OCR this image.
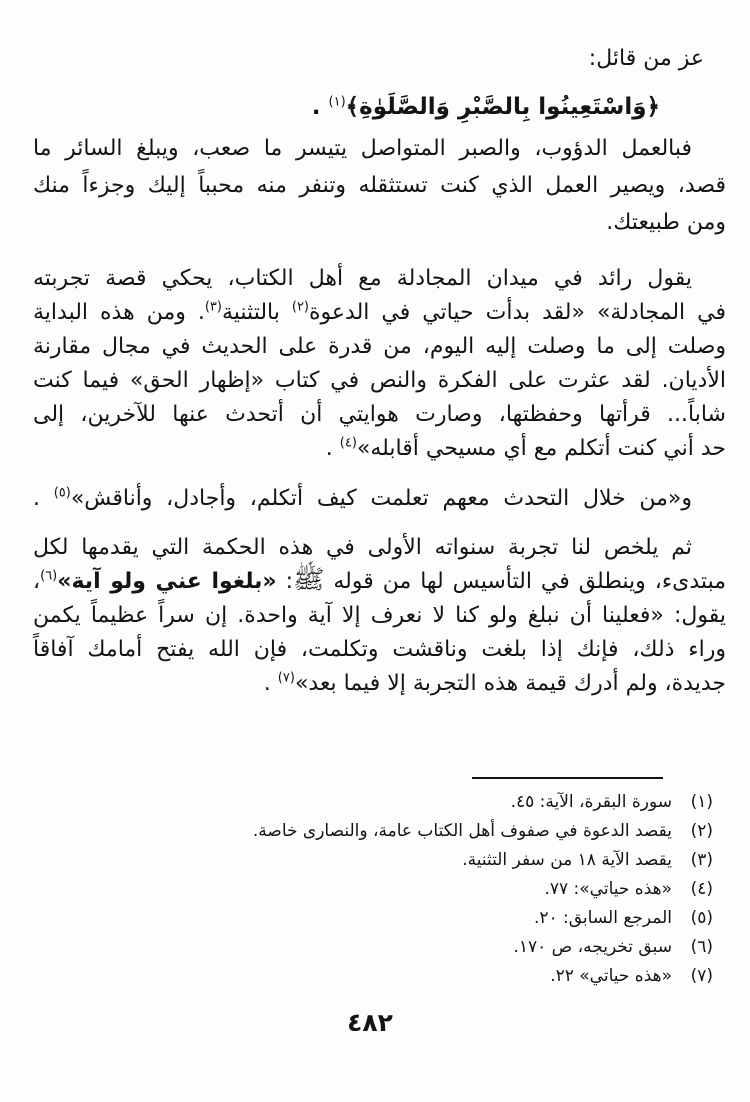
عز من قائل:
﴿وَاسْتَعِينُوا بِالصَّبْرِ وَالصَّلَوٰةِ﴾$^{(١)}$ .
فبالعمل الدؤوب، والصبر المتواصل يتيسر ما صعب، ويبلغ السائر ما
قصد، ويصير العمل الذي كنت تستثقله وتنفر منه محبباً إليك وجزءاً منك
ومن طبيعتك.
يقول رائد في ميدان المجادلة مع أهل الكتاب، يحكي قصة تجربته
في المجادلة» «لقد بدأت حياتي في الدعوة$^{(٢)}$ بالتثنية$^{(٣)}$. ومن هذه البداية
وصلت إلى ما وصلت إليه اليوم، من قدرة على الحديث في مجال مقارنة
الأديان. لقد عثرت على الفكرة والنص في كتاب «إظهار الحق» فيما كنت
شاباً... قرأتها وحفظتها، وصارت هوايتي أن أتحدث عنها للآخرين، إلى
حد أني كنت أتكلم مع أي مسيحي أقابله»$^{(٤)}$ .
و«من خلال التحدث معهم تعلمت كيف أتكلم، وأجادل، وأناقش»$^{(٥)}$ .
ثم يلخص لنا تجربة سنواته الأولى في هذه الحكمة التي يقدمها لكل
مبتدىء، وينطلق في التأسيس لها من قوله ﷺ: «بلغوا عني ولو آية»$^{(٦)}$،
يقول: «فعلينا أن نبلغ ولو كنا لا نعرف إلا آية واحدة. إن سراً عظيماً يكمن
وراء ذلك، فإنك إذا بلغت وناقشت وتكلمت، فإن الله يفتح أمامك آفاقاً
جديدة، ولم أدرك قيمة هذه التجربة إلا فيما بعد»$^{(٧)}$ .
(١)
سورة البقرة، الآية: ٤٥.
(٢)
يقصد الدعوة في صفوف أهل الكتاب عامة، والنصارى خاصة.
(٣)
يقصد الآية ١٨ من سفر التثنية.
(٤)
«هذه حياتي»: ٧٧.
(٥)
المرجع السابق: ٢٠.
(٦)
سبق تخريجه، ص ١٧٠.
(٧)
«هذه حياتي» ٢٢.
٤٨٢
